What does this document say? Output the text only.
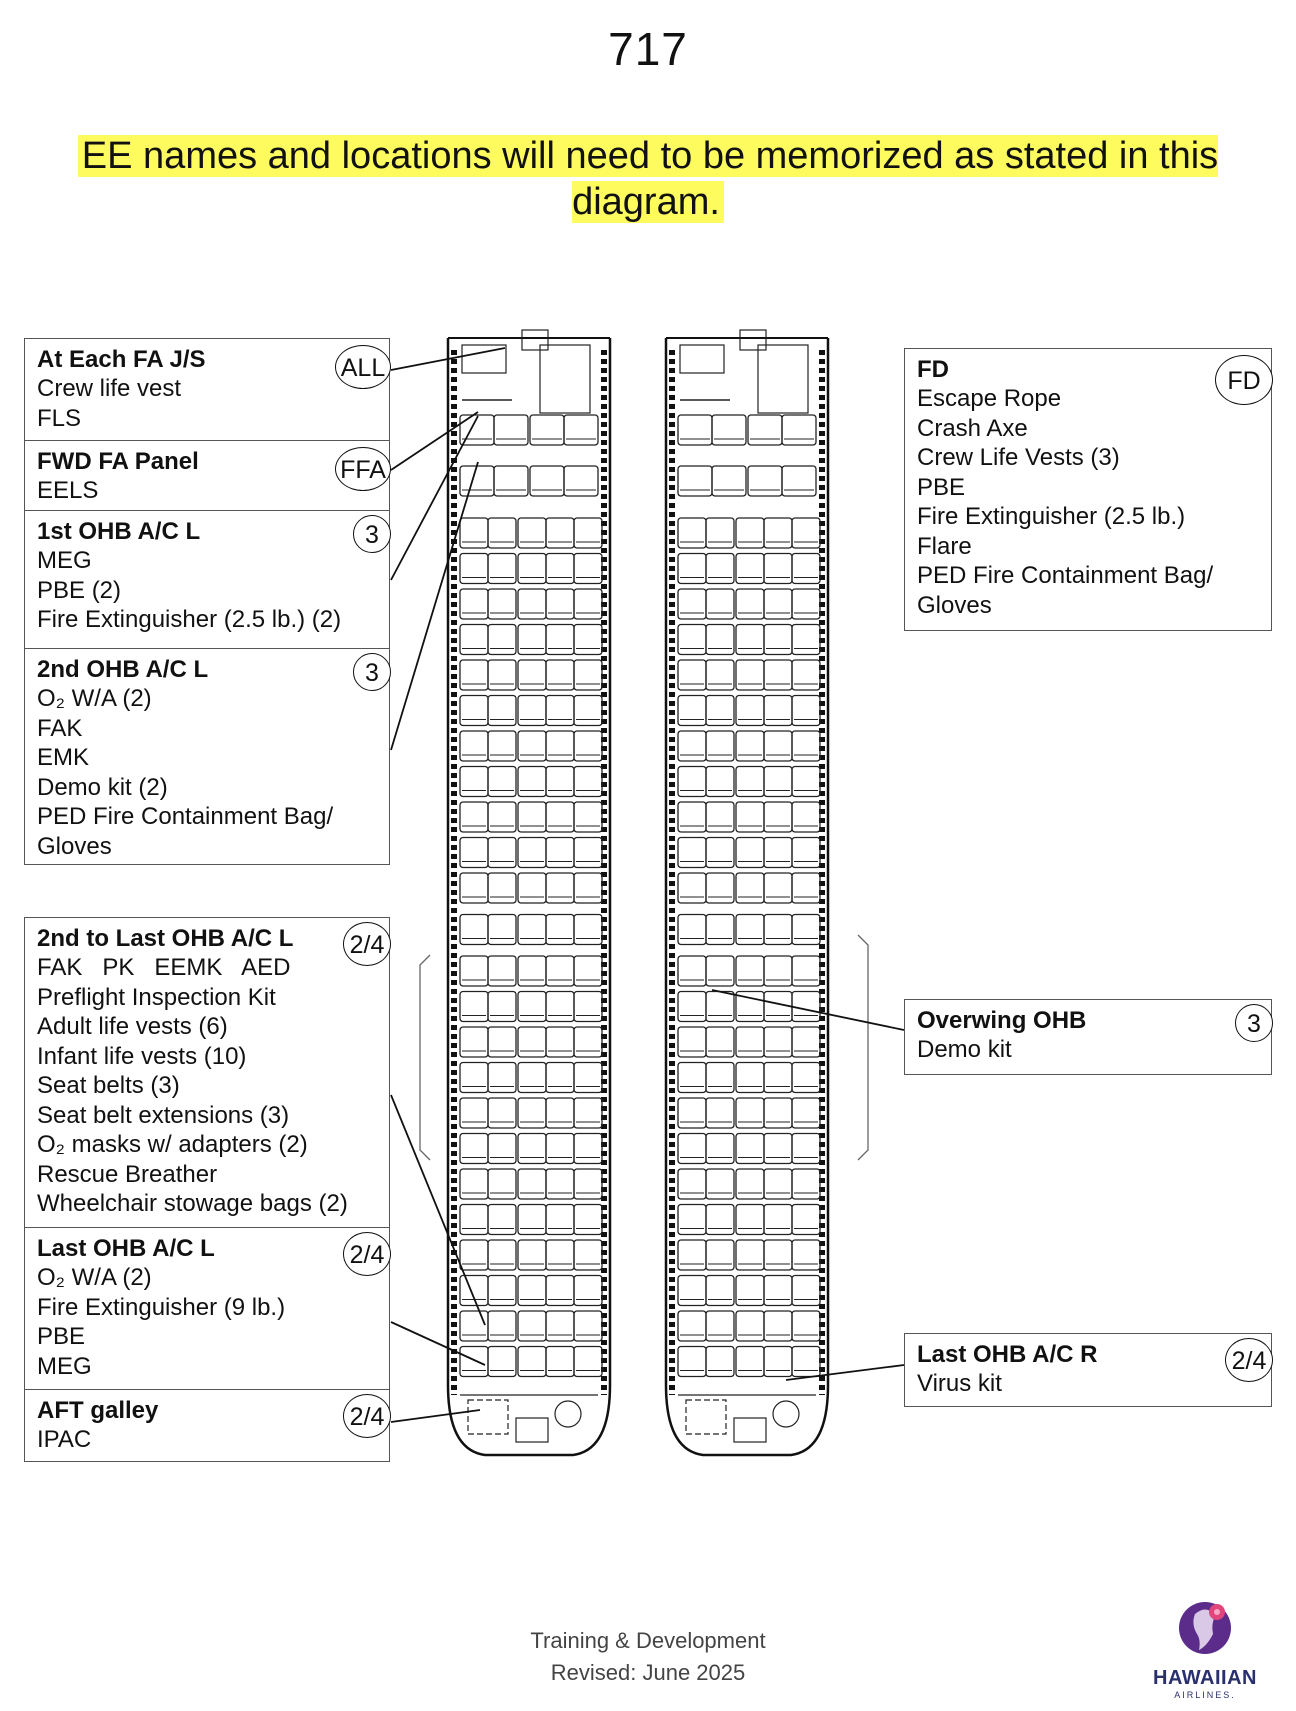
717
EE names and locations will need to be memorized as stated in this diagram.
At Each FA J/S	ALL
Crew life vest
FLS
FWD FA Panel	FFA
EELS
1st OHB A/C L	3
MEG
PBE (2)
Fire Extinguisher (2.5 lb.) (2)
2nd OHB A/C L	3
O₂ W/A (2)
FAK
EMK
Demo kit (2)
PED Fire Containment Bag/
Gloves
2nd to Last OHB A/C L	2/4
FAK   PK   EEMK   AED
Preflight Inspection Kit
Adult life vests (6)
Infant life vests (10)
Seat belts (3)
Seat belt extensions (3)
O₂ masks w/ adapters (2)
Rescue Breather
Wheelchair stowage bags (2)
Last OHB A/C L	2/4
O₂ W/A (2)
Fire Extinguisher (9 lb.)
PBE
MEG
AFT galley	2/4
IPAC
FD	FD
Escape Rope
Crash Axe
Crew Life Vests (3)
PBE
Fire Extinguisher (2.5 lb.)
Flare
PED Fire Containment Bag/
Gloves
Overwing OHB	3
Demo kit
Last OHB A/C R	2/4
Virus kit
Training & Development
Revised: June 2025	HAWAIIAN
AIRLINES.
